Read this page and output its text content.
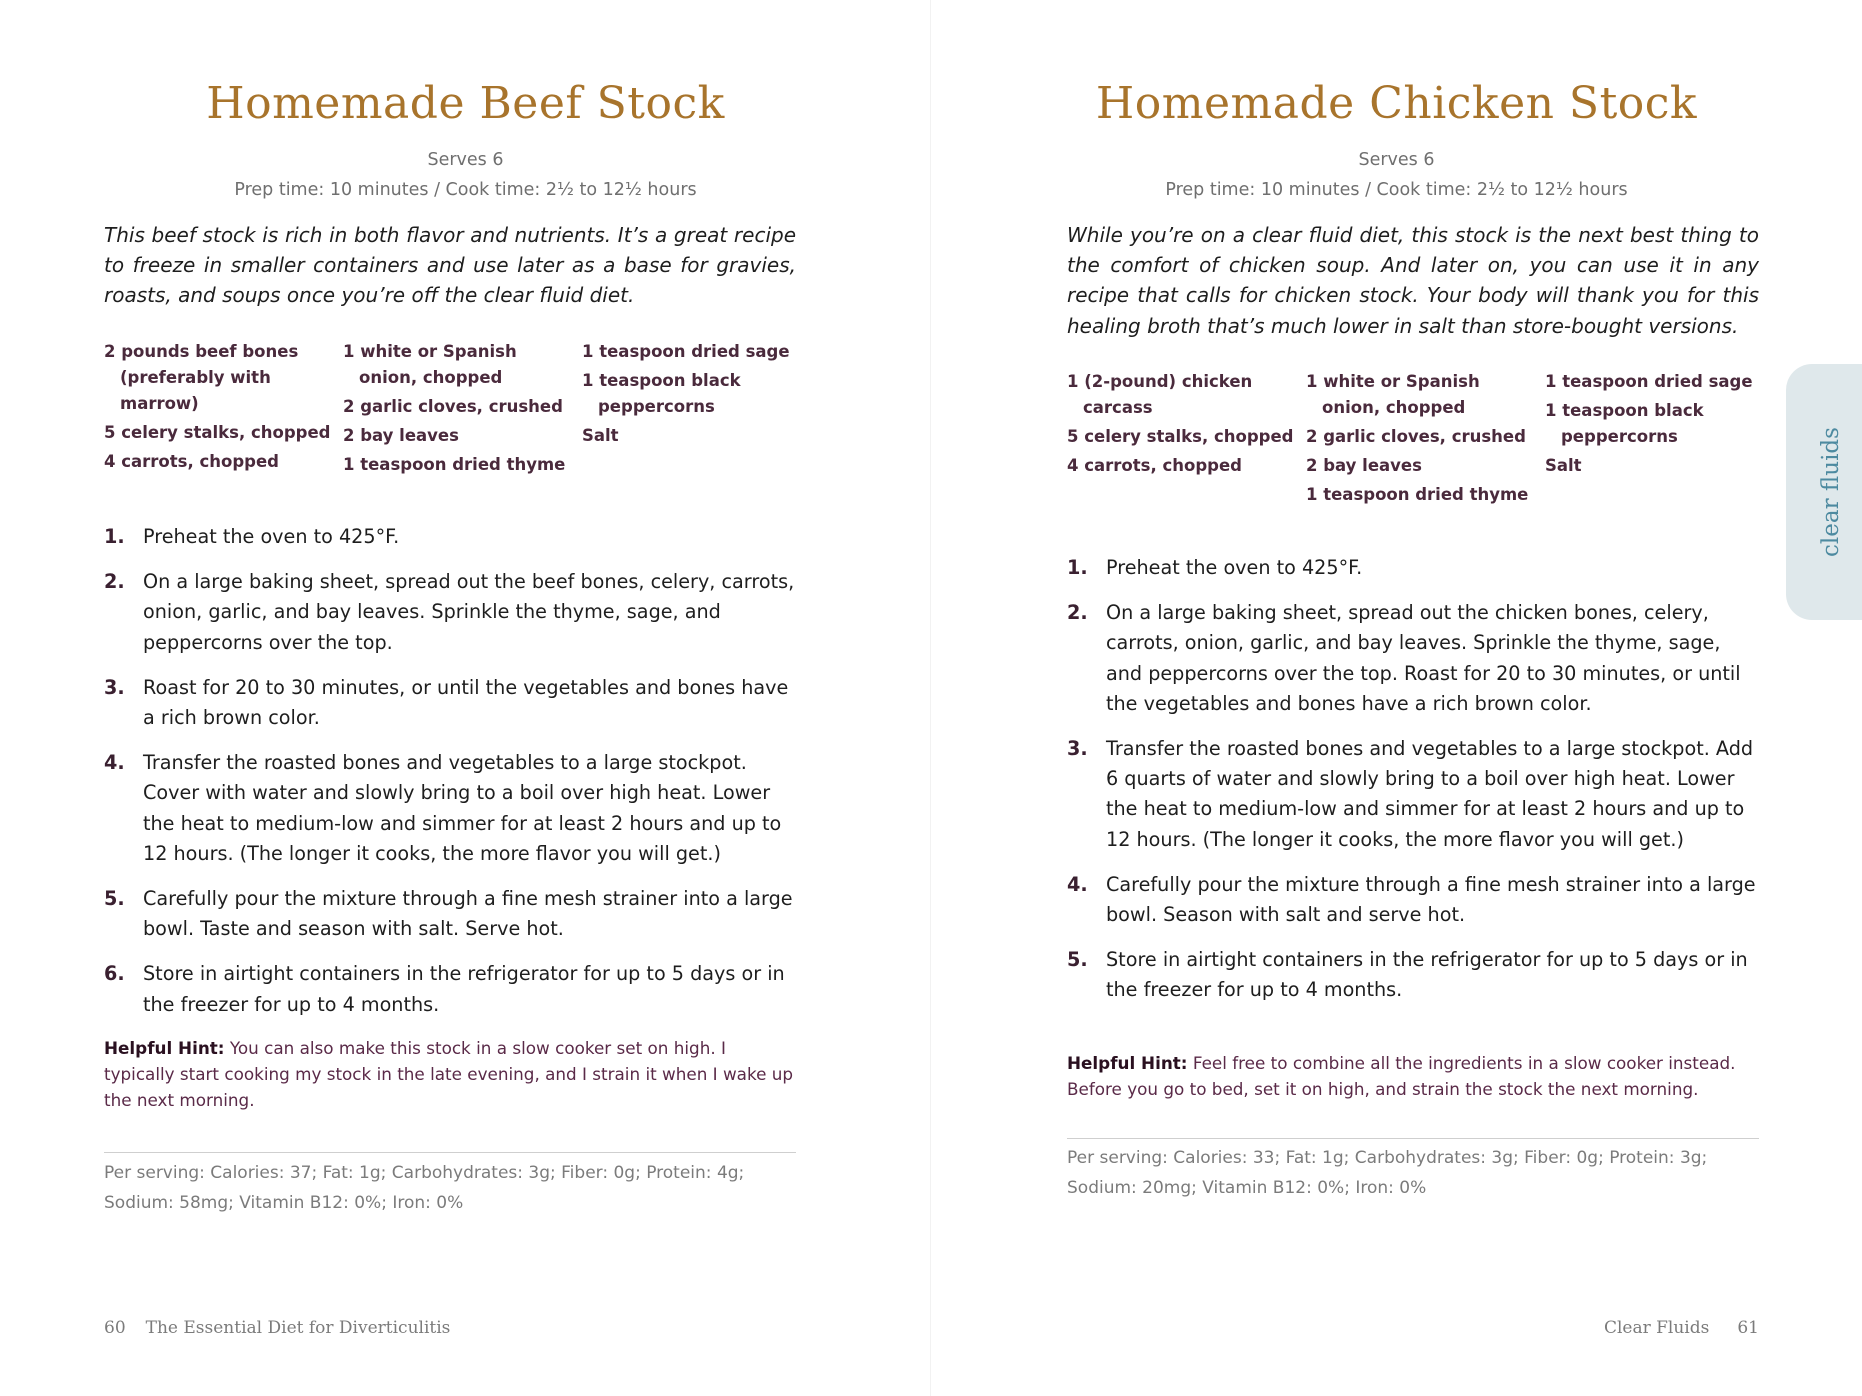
Homemade Beef Stock
Serves 6
Prep time: 10 minutes / Cook time: 2½ to 12½ hours

This beef stock is rich in both flavor and nutrients. It’s a great recipe to freeze in smaller containers and use later as a base for gravies, roasts, and soups once you’re off the clear fluid diet.

2 pounds beef bones (preferably with marrow)
5 celery stalks, chopped
4 carrots, chopped
1 white or Spanish onion, chopped
2 garlic cloves, crushed
2 bay leaves
1 teaspoon dried thyme
1 teaspoon dried sage
1 teaspoon black peppercorns
Salt
1. Preheat the oven to 425°F.
2. On a large baking sheet, spread out the beef bones, celery, carrots, onion, garlic, and bay leaves. Sprinkle the thyme, sage, and peppercorns over the top.
3. Roast for 20 to 30 minutes, or until the vegetables and bones have a rich brown color.
4. Transfer the roasted bones and vegetables to a large stockpot. Cover with water and slowly bring to a boil over high heat. Lower the heat to medium-low and simmer for at least 2 hours and up to 12 hours. (The longer it cooks, the more flavor you will get.)
5. Carefully pour the mixture through a fine mesh strainer into a large bowl. Taste and season with salt. Serve hot.
6. Store in airtight containers in the refrigerator for up to 5 days or in the freezer for up to 4 months.
Helpful Hint: You can also make this stock in a slow cooker set on high. I typically start cooking my stock in the late evening, and I strain it when I wake up the next morning.
Per serving: Calories: 37; Fat: 1g; Carbohydrates: 3g; Fiber: 0g; Protein: 4g; Sodium: 58mg; Vitamin B12: 0%; Iron: 0%
60 The Essential Diet for Diverticulitis
Homemade Chicken Stock
Serves 6
Prep time: 10 minutes / Cook time: 2½ to 12½ hours

While you’re on a clear fluid diet, this stock is the next best thing to the comfort of chicken soup. And later on, you can use it in any recipe that calls for chicken stock. Your body will thank you for this healing broth that’s much lower in salt than store-bought versions.

1 (2-pound) chicken carcass
5 celery stalks, chopped
4 carrots, chopped
1 white or Spanish onion, chopped
2 garlic cloves, crushed
2 bay leaves
1 teaspoon dried thyme
1 teaspoon dried sage
1 teaspoon black peppercorns
Salt
1. Preheat the oven to 425°F.
2. On a large baking sheet, spread out the chicken bones, celery, carrots, onion, garlic, and bay leaves. Sprinkle the thyme, sage, and peppercorns over the top. Roast for 20 to 30 minutes, or until the vegetables and bones have a rich brown color.
3. Transfer the roasted bones and vegetables to a large stockpot. Add 6 quarts of water and slowly bring to a boil over high heat. Lower the heat to medium-low and simmer for at least 2 hours and up to 12 hours. (The longer it cooks, the more flavor you will get.)
4. Carefully pour the mixture through a fine mesh strainer into a large bowl. Season with salt and serve hot.
5. Store in airtight containers in the refrigerator for up to 5 days or in the freezer for up to 4 months.
Helpful Hint: Feel free to combine all the ingredients in a slow cooker instead. Before you go to bed, set it on high, and strain the stock the next morning.
Per serving: Calories: 33; Fat: 1g; Carbohydrates: 3g; Fiber: 0g; Protein: 3g; Sodium: 20mg; Vitamin B12: 0%; Iron: 0%
Clear Fluids 61
clear fluids
